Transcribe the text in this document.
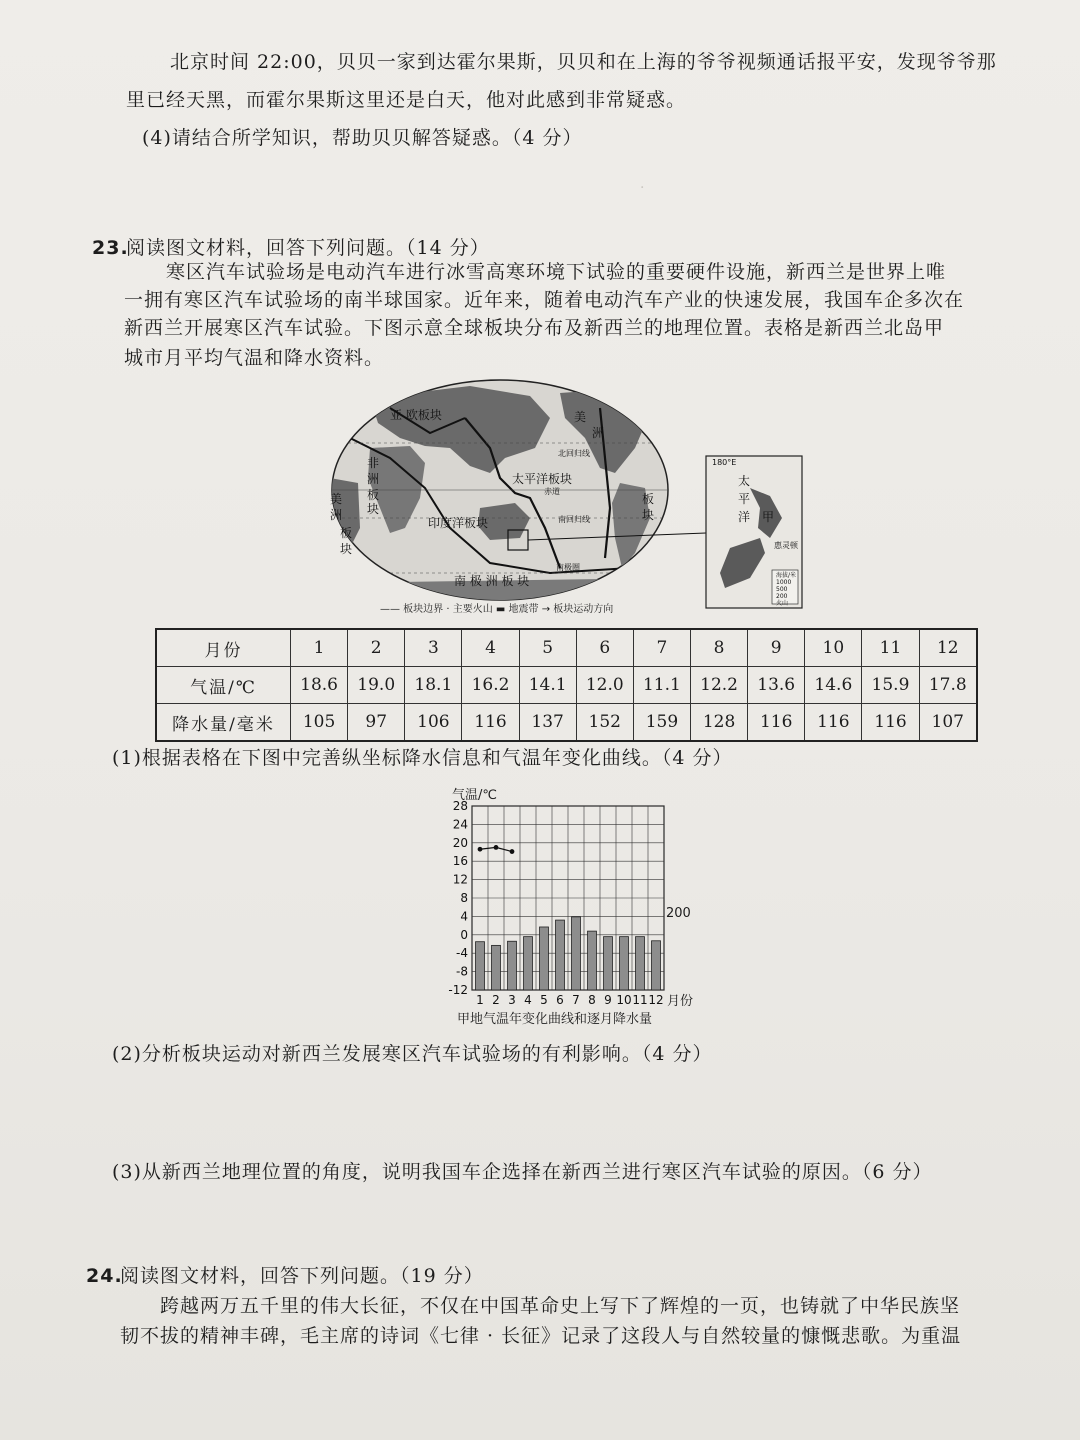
·
北京时间 22:00，贝贝一家到达霍尔果斯，贝贝和在上海的爷爷视频通话报平安，发现爷爷那
里已经天黑，而霍尔果斯这里还是白天，他对此感到非常疑惑。
(4)请结合所学知识，帮助贝贝解答疑惑。（4 分）
23.
阅读图文材料，回答下列问题。（14 分）
寒区汽车试验场是电动汽车进行冰雪高寒环境下试验的重要硬件设施，新西兰是世界上唯
一拥有寒区汽车试验场的南半球国家。近年来，随着电动汽车产业的快速发展，我国车企多次在
新西兰开展寒区汽车试验。下图示意全球板块分布及新西兰的地理位置。表格是新西兰北岛甲
城市月平均气温和降水资料。
亚 欧板块	美
洲
非
洲
板
块
美
洲
板
块
太平洋板块
印度洋板块
南 极 洲 板 块
板
块
北回归线
赤道
南回归线
南极圈
180°E
太
平
洋 甲
惠灵顿
海拔/米
1000
500
200
火山
—— 板块边界 · 主要火山 ▬ 地震带 → 板块运动方向
月份	1	2	3	4	5	6	7	8	9	10	11	12
气温/℃	18.6	19.0	18.1	16.2	14.1	12.0	11.1	12.2	13.6	14.6	15.9	17.8
降水量/毫米	105	97	106	116	137	152	159	128	116	116	116	107
(1)根据表格在下图中完善纵坐标降水信息和气温年变化曲线。（4 分）
气温/℃
28
24
20
16
12
8
4
0
-4
-8
-12
1 2 3 4 5 6 7 8 9 10 11 12
200
月份
甲地气温年变化曲线和逐月降水量
(2)分析板块运动对新西兰发展寒区汽车试验场的有利影响。（4 分）
(3)从新西兰地理位置的角度，说明我国车企选择在新西兰进行寒区汽车试验的原因。（6 分）
24.
阅读图文材料，回答下列问题。（19 分）
跨越两万五千里的伟大长征，不仅在中国革命史上写下了辉煌的一页，也铸就了中华民族坚
韧不拔的精神丰碑，毛主席的诗词《七律 · 长征》记录了这段人与自然较量的慷慨悲歌。为重温
